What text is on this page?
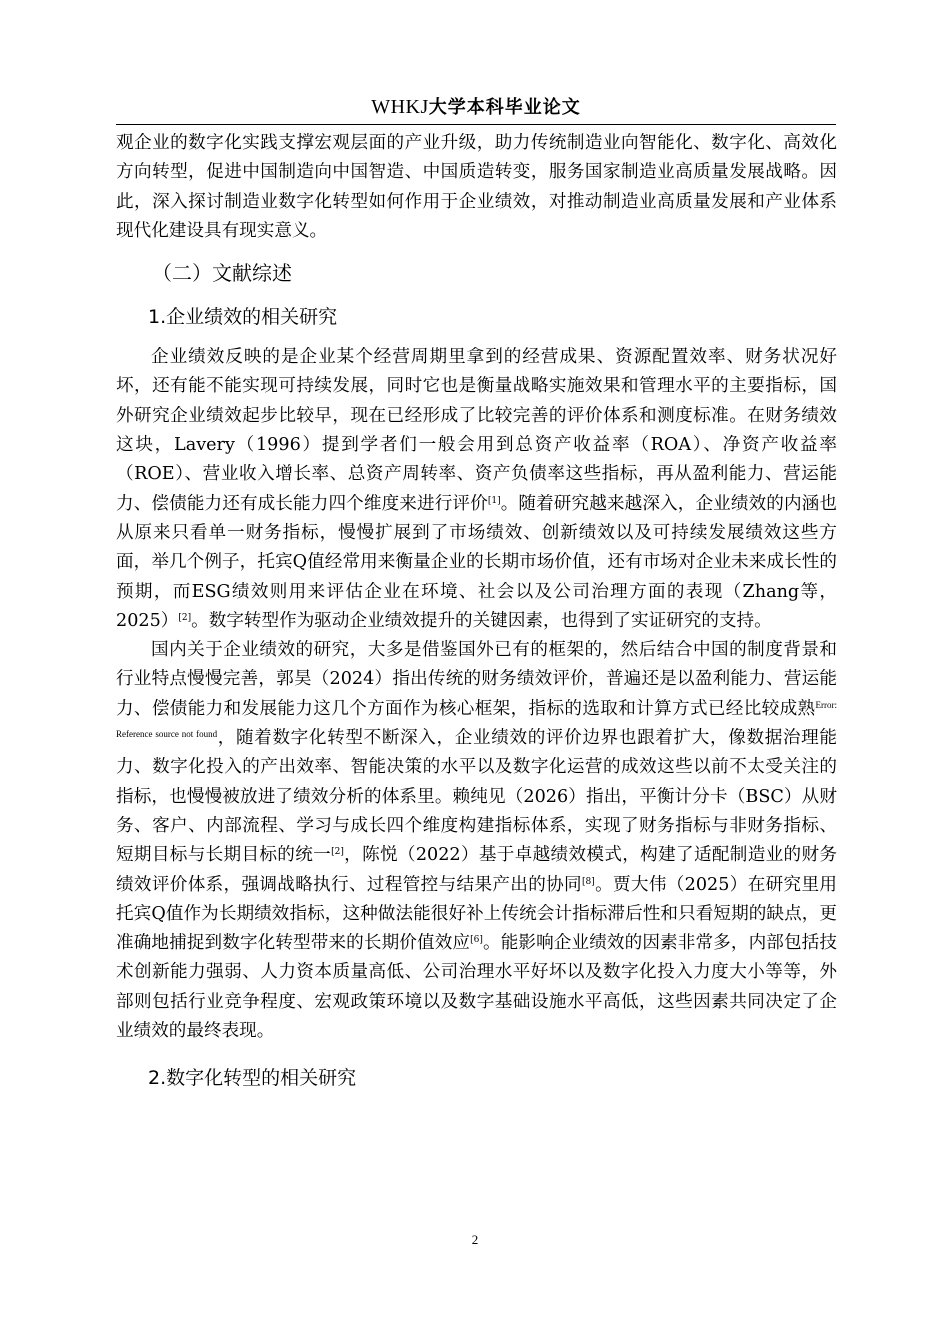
WHKJ大学本科毕业论文

观企业的数字化实践支撑宏观层面的产业升级，助力传统制造业向智能化、数字化、高效化方向转型，促进中国制造向中国智造、中国质造转变，服务国家制造业高质量发展战略。因此，深入探讨制造业数字化转型如何作用于企业绩效，对推动制造业高质量发展和产业体系现代化建设具有现实意义。

（二）文献综述
1.企业绩效的相关研究

企业绩效反映的是企业某个经营周期里拿到的经营成果、资源配置效率、财务状况好坏，还有能不能实现可持续发展，同时它也是衡量战略实施效果和管理水平的主要指标，国外研究企业绩效起步比较早，现在已经形成了比较完善的评价体系和测度标准。在财务绩效这块，Lavery（1996）提到学者们一般会用到总资产收益率（ROA）、净资产收益率（ROE）、营业收入增长率、总资产周转率、资产负债率这些指标，再从盈利能力、营运能力、偿债能力还有成长能力四个维度来进行评价[1]。随着研究越来越深入，企业绩效的内涵也从原来只看单一财务指标，慢慢扩展到了市场绩效、创新绩效以及可持续发展绩效这些方面，举几个例子，托宾Q值经常用来衡量企业的长期市场价值，还有市场对企业未来成长性的预期，而ESG绩效则用来评估企业在环境、社会以及公司治理方面的表现（Zhang等，2025）[2]。数字转型作为驱动企业绩效提升的关键因素，也得到了实证研究的支持。

国内关于企业绩效的研究，大多是借鉴国外已有的框架的，然后结合中国的制度背景和行业特点慢慢完善，郭昊（2024）指出传统的财务绩效评价，普遍还是以盈利能力、营运能力、偿债能力和发展能力这几个方面作为核心框架，指标的选取和计算方式已经比较成熟$^{Error: Reference source not found}$，随着数字化转型不断深入，企业绩效的评价边界也跟着扩大，像数据治理能力、数字化投入的产出效率、智能决策的水平以及数字化运营的成效这些以前不太受关注的指标，也慢慢被放进了绩效分析的体系里。赖纯见（2026）指出，平衡计分卡（BSC）从财务、客户、内部流程、学习与成长四个维度构建指标体系，实现了财务指标与非财务指标、短期目标与长期目标的统一[2]，陈悦（2022）基于卓越绩效模式，构建了适配制造业的财务绩效评价体系，强调战略执行、过程管控与结果产出的协同[8]。贾大伟（2025）在研究里用托宾Q值作为长期绩效指标，这种做法能很好补上传统会计指标滞后性和只看短期的缺点，更准确地捕捉到数字化转型带来的长期价值效应[6]。能影响企业绩效的因素非常多，内部包括技术创新能力强弱、人力资本质量高低、公司治理水平好坏以及数字化投入力度大小等等，外部则包括行业竞争程度、宏观政策环境以及数字基础设施水平高低，这些因素共同决定了企业绩效的最终表现。

2.数字化转型的相关研究
2
